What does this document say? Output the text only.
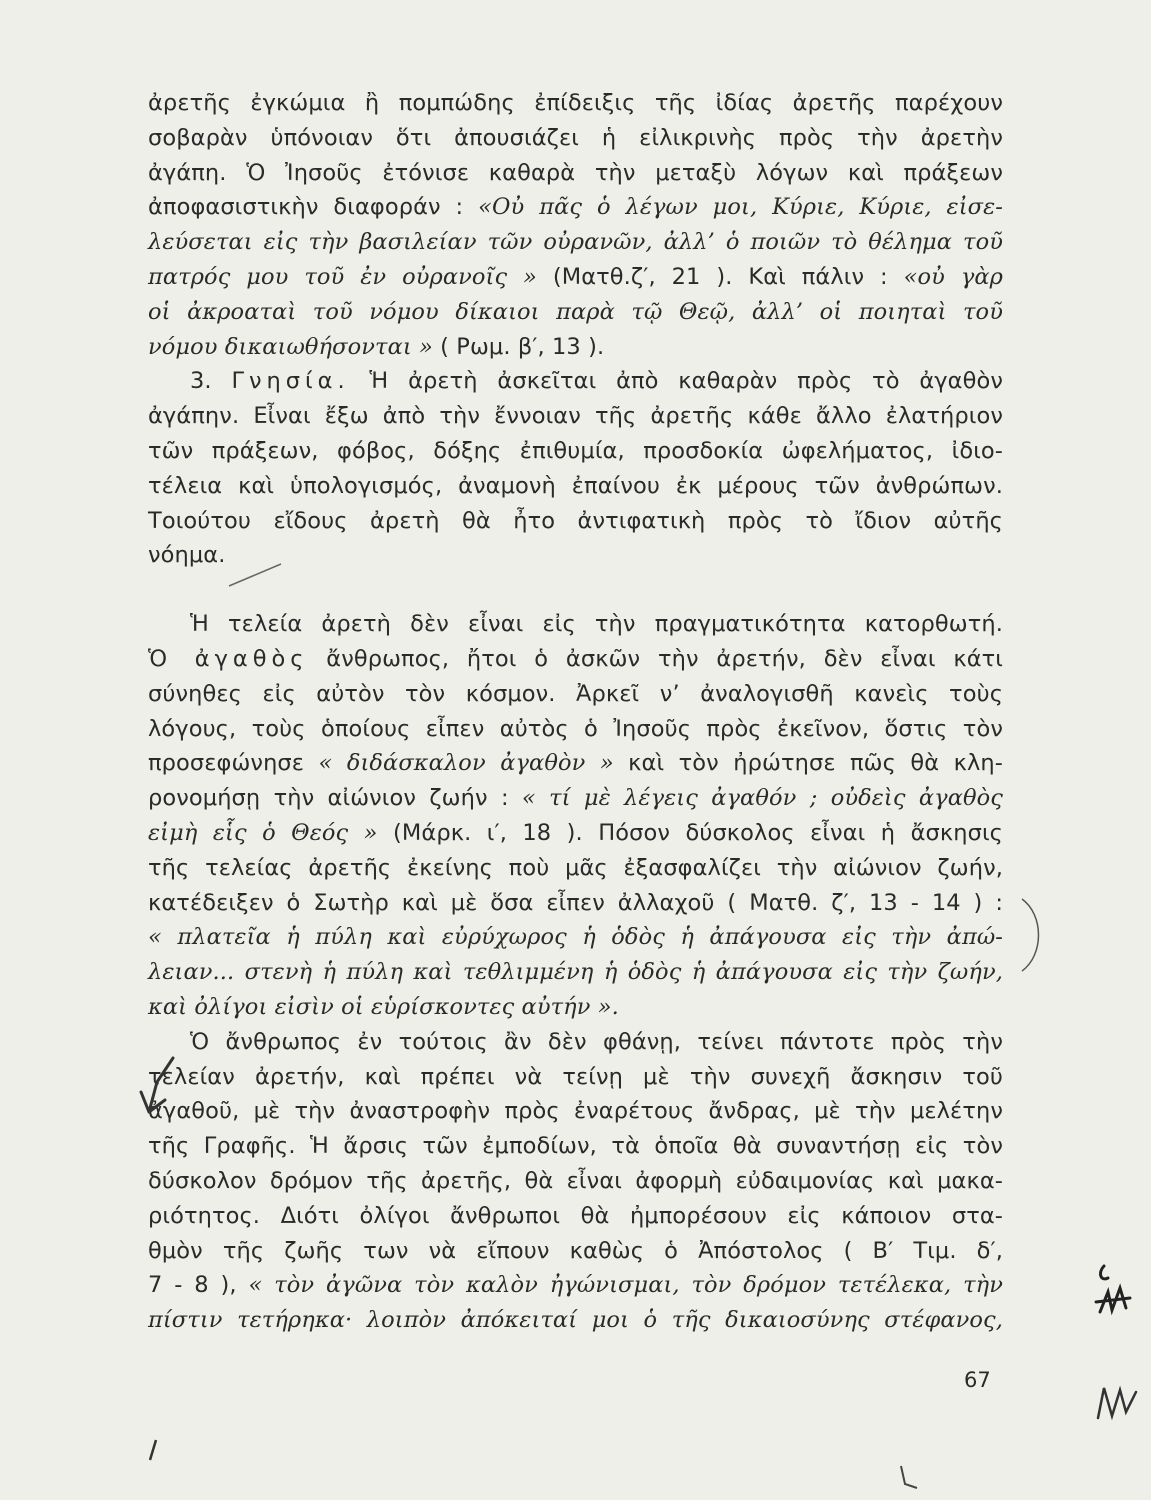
ἀρετῆς ἐγκώμια ἢ πομπώδης ἐπίδειξις τῆς ἰδίας ἀρετῆς παρέχουν
σοβαρὰν ὑπόνοιαν ὅτι ἀπουσιάζει ἡ εἰλικρινὴς πρὸς τὴν ἀρετὴν
ἀγάπη. Ὁ Ἰησοῦς ἐτόνισε καθαρὰ τὴν μεταξὺ λόγων καὶ πράξεων
ἀποφασιστικὴν διαφοράν : «Οὐ πᾶς ὁ λέγων μοι, Κύριε, Κύριε, εἰσε-
λεύσεται εἰς τὴν βασιλείαν τῶν οὐρανῶν, ἀλλ’ ὁ ποιῶν τὸ θέλημα τοῦ
πατρός μου τοῦ ἐν οὐρανοῖς » (Ματθ.ζ′, 21 ). Καὶ πάλιν : «οὐ γὰρ
οἱ ἀκροαταὶ τοῦ νόμου δίκαιοι παρὰ τῷ Θεῷ, ἀλλ’ οἱ ποιηταὶ τοῦ
νόμου δικαιωθήσονται » ( Ρωμ. β′, 13 ).
3. Γνησία. Ἡ ἀρετὴ ἀσκεῖται ἀπὸ καθαρὰν πρὸς τὸ ἀγαθὸν
ἀγάπην. Εἶναι ἔξω ἀπὸ τὴν ἔννοιαν τῆς ἀρετῆς κάθε ἄλλο ἐλατήριον
τῶν πράξεων, φόβος, δόξης ἐπιθυμία, προσδοκία ὠφελήματος, ἰδιο-
τέλεια καὶ ὑπολογισμός, ἀναμονὴ ἐπαίνου ἐκ μέρους τῶν ἀνθρώπων.
Τοιούτου εἴδους ἀρετὴ θὰ ἦτο ἀντιφατικὴ πρὸς τὸ ἴδιον αὐτῆς
νόημα.
Ἡ τελεία ἀρετὴ δὲν εἶναι εἰς τὴν πραγματικότητα κατορθωτή.
Ὁ ἀγαθὸς ἄνθρωπος, ἤτοι ὁ ἀσκῶν τὴν ἀρετήν, δὲν εἶναι κάτι
σύνηθες εἰς αὐτὸν τὸν κόσμον. Ἀρκεῖ ν’ ἀναλογισθῆ κανεὶς τοὺς
λόγους, τοὺς ὁποίους εἶπεν αὐτὸς ὁ Ἰησοῦς πρὸς ἐκεῖνον, ὅστις τὸν
προσεφώνησε « διδάσκαλον ἀγαθὸν » καὶ τὸν ἠρώτησε πῶς θὰ κλη-
ρονομήσῃ τὴν αἰώνιον ζωήν : « τί μὲ λέγεις ἀγαθόν ; οὐδεὶς ἀγαθὸς
εἰμὴ εἷς ὁ Θεός » (Μάρκ. ι′, 18 ). Πόσον δύσκολος εἶναι ἡ ἄσκησις
τῆς τελείας ἀρετῆς ἐκείνης ποὺ μᾶς ἐξασφαλίζει τὴν αἰώνιον ζωήν,
κατέδειξεν ὁ Σωτὴρ καὶ μὲ ὅσα εἶπεν ἀλλαχοῦ ( Ματθ. ζ′, 13 - 14 ) :
« πλατεῖα ἡ πύλη καὶ εὐρύχωρος ἡ ὁδὸς ἡ ἀπάγουσα εἰς τὴν ἀπώ-
λειαν... στενὴ ἡ πύλη καὶ τεθλιμμένη ἡ ὁδὸς ἡ ἀπάγουσα εἰς τὴν ζωήν,
καὶ ὀλίγοι εἰσὶν οἱ εὑρίσκοντες αὐτήν ».
Ὁ ἄνθρωπος ἐν τούτοις ἂν δὲν φθάνῃ, τείνει πάντοτε πρὸς τὴν
τελείαν ἀρετήν, καὶ πρέπει νὰ τείνῃ μὲ τὴν συνεχῆ ἄσκησιν τοῦ
ἀγαθοῦ, μὲ τὴν ἀναστροφὴν πρὸς ἐναρέτους ἄνδρας, μὲ τὴν μελέτην
τῆς Γραφῆς. Ἡ ἄρσις τῶν ἐμποδίων, τὰ ὁποῖα θὰ συναντήσῃ εἰς τὸν
δύσκολον δρόμον τῆς ἀρετῆς, θὰ εἶναι ἀφορμὴ εὐδαιμονίας καὶ μακα-
ριότητος. Διότι ὀλίγοι ἄνθρωποι θὰ ἠμπορέσουν εἰς κάποιον στα-
θμὸν τῆς ζωῆς των νὰ εἴπουν καθὼς ὁ Ἀπόστολος ( Β′ Τιμ. δ′,
7 - 8 ), « τὸν ἀγῶνα τὸν καλὸν ἠγώνισμαι, τὸν δρόμον τετέλεκα, τὴν
πίστιν τετήρηκα· λοιπὸν ἀπόκειταί μοι ὁ τῆς δικαιοσύνης στέφανος,
67
